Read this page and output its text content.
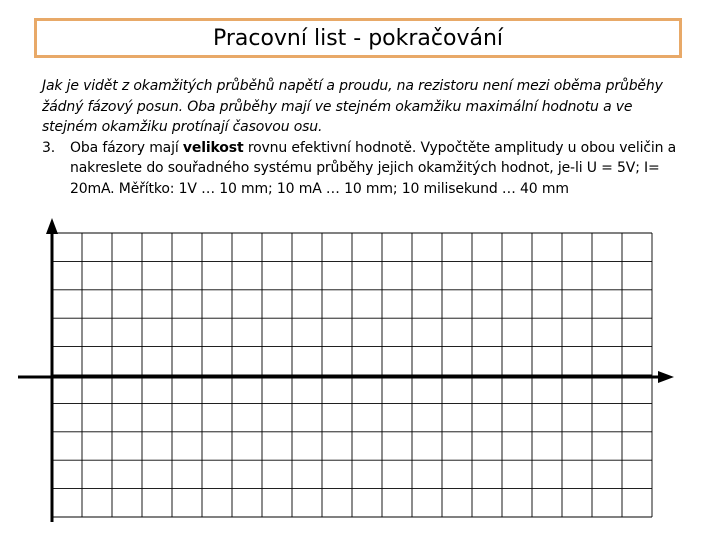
Pracovní list - pokračování
Jak je vidět z okamžitých průběhů napětí a proudu, na rezistoru není mezi oběma průběhy žádný fázový posun. Oba průběhy mají ve stejném okamžiku maximální hodnotu a ve stejném okamžiku protínají časovou osu.
3.	Oba fázory mají velikost rovnu efektivní hodnotě. Vypočtěte amplitudy u obou veličin a nakreslete do souřadného systému průběhy jejich okamžitých hodnot, je-li U = 5V; I= 20mA. Měřítko: 1V … 10 mm; 10 mA … 10 mm; 10 milisekund … 40 mm
